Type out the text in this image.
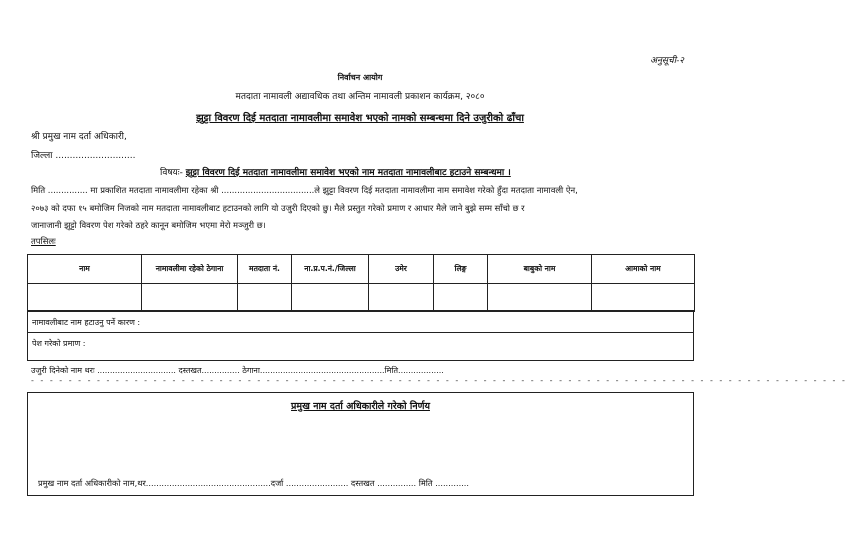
अनुसूची-२
निर्वाचन आयोग
मतदाता नामावली अद्यावधिक तथा अन्तिम नामावली प्रकाशन कार्यक्रम, २०८०
झुट्टा विवरण दिई मतदाता नामावलीमा समावेश भएको नामको सम्बन्धमा दिने उजुरीको ढाँचा
श्री प्रमुख नाम दर्ता अधिकारी,
जिल्ला ............................
विषयः- झुट्टा विवरण दिई मतदाता नामावलीमा समावेश भएको नाम मतदाता नामावलीबाट हटाउने सम्बन्धमा ।
मिति ............... मा प्रकाशित मतदाता नामावलीमा रहेका श्री ...................................ले झुट्टा विवरण दिई मतदाता नामावलीमा नाम समावेश गरेको हुँदा मतदाता नामावली ऐन,
२०७३ को दफा १५ बमोजिम निजको नाम मतदाता नामावलीबाट हटाउनको लागि यो उजुरी दिएको छु। मैले प्रस्तुत गरेको प्रमाण र आधार मैले जाने बुझे सम्म साँचो छ र
जानाजानी झुट्टो विवरण पेश गरेको ठहरे कानून बमोजिम भएमा मेरो मञ्जुरी छ।
तपसिलः
नाम	नामावलीमा रहेको ठेगाना	मतदाता नं.	ना.प्र.प.नं./जिल्ला	उमेर	लिङ्ग	बाबुको नाम	आमाको नाम

नामावलीबाट नाम हटाउनु पर्ने कारण :
पेश गरेको प्रमाण :
उजुरी दिनेको नाम थरः ............................... दस्तखत............... ठेगाना.................................................मिति..................
- - - - - - - - - - - - - - - - - - - - - - - - - - - - - - - - - - - - - - - - - - - - - - - - - - - - - - - - - - - - - - - - - - - - - - - - - - - - - - - - - - - - - - -
प्रमुख नाम दर्ता अधिकारीले गरेको निर्णय
प्रमुख नाम दर्ता अधिकारीको नाम,थर................................................दर्जा ........................ दस्तखत ............... मिति .............
